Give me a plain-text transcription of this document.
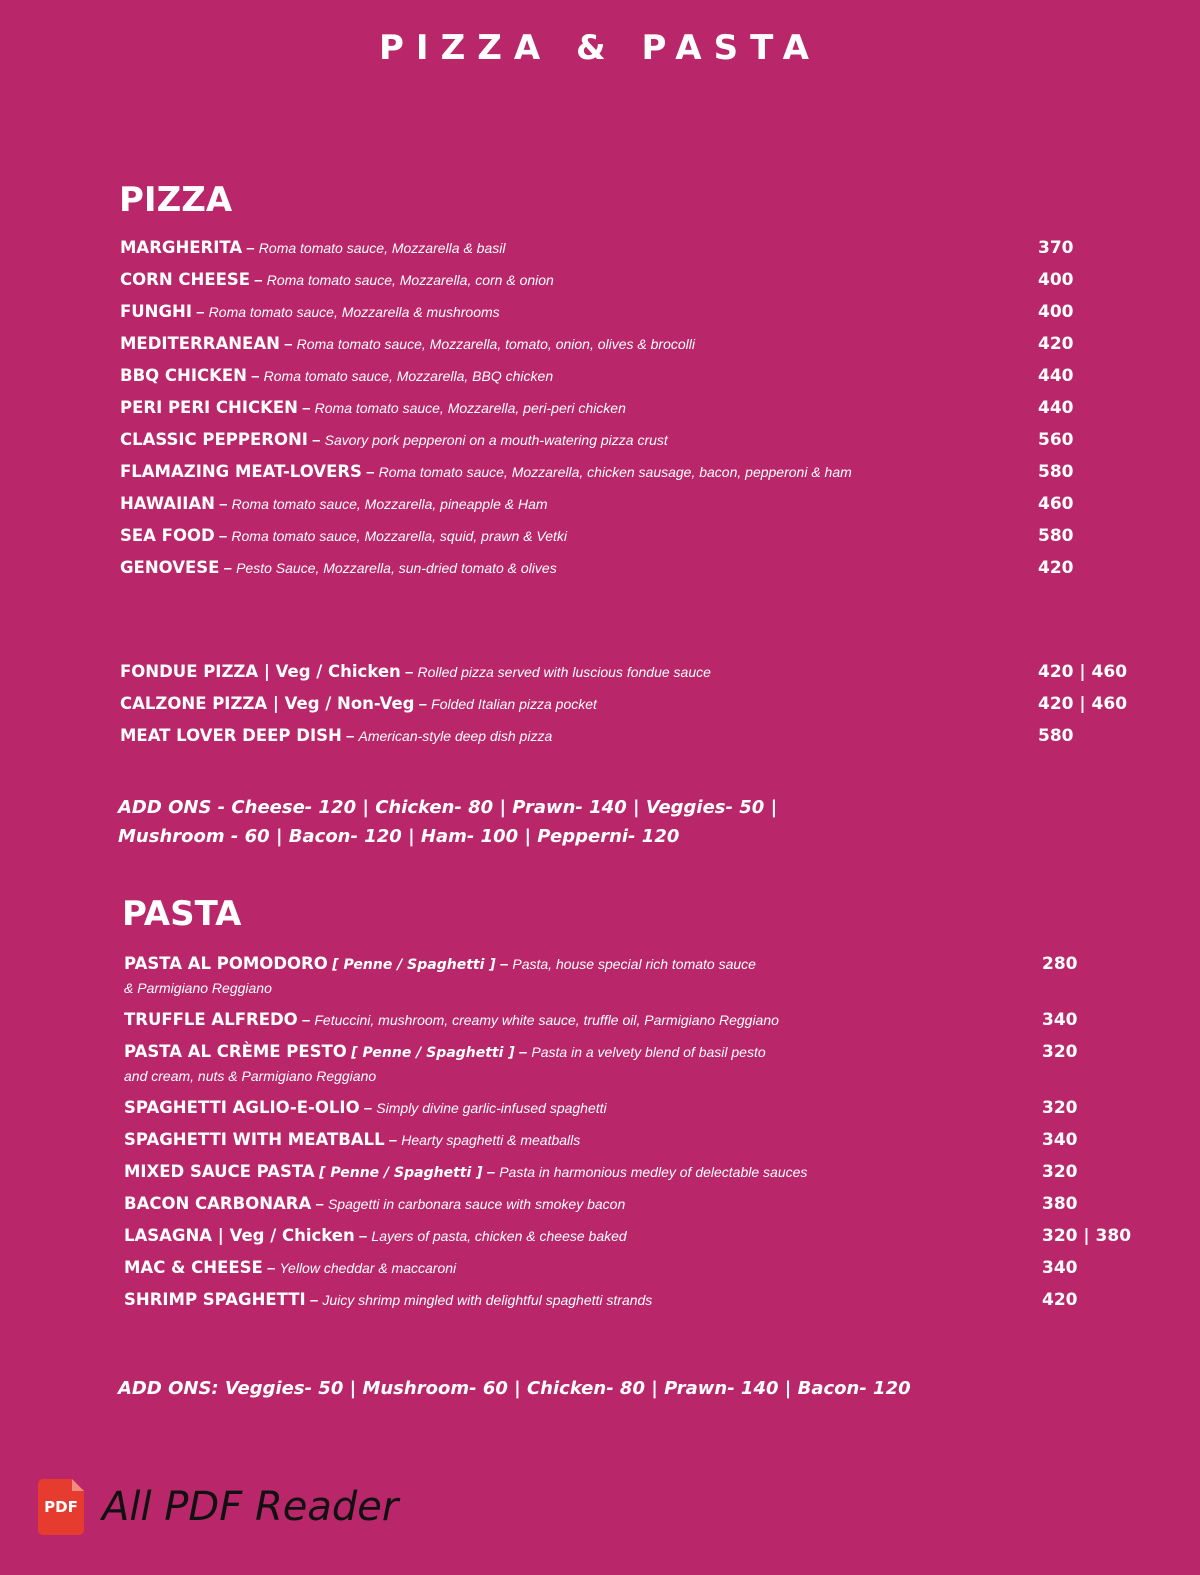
PIZZA & PASTA
PIZZA
MARGHERITA – Roma tomato sauce, Mozzarella & basil	370
CORN CHEESE – Roma tomato sauce, Mozzarella, corn & onion	400
FUNGHI – Roma tomato sauce, Mozzarella & mushrooms	400
MEDITERRANEAN – Roma tomato sauce, Mozzarella, tomato, onion, olives & brocolli	420
BBQ CHICKEN – Roma tomato sauce, Mozzarella, BBQ chicken	440
PERI PERI CHICKEN – Roma tomato sauce, Mozzarella, peri-peri chicken	440
CLASSIC PEPPERONI – Savory pork pepperoni on a mouth-watering pizza crust	560
FLAMAZING MEAT-LOVERS – Roma tomato sauce, Mozzarella, chicken sausage, bacon, pepperoni & ham	580
HAWAIIAN – Roma tomato sauce, Mozzarella, pineapple & Ham	460
SEA FOOD – Roma tomato sauce, Mozzarella, squid, prawn & Vetki	580
GENOVESE – Pesto Sauce, Mozzarella, sun-dried tomato & olives	420
FONDUE PIZZA | Veg / Chicken – Rolled pizza served with luscious fondue sauce	420 | 460
CALZONE PIZZA | Veg / Non-Veg – Folded Italian pizza pocket	420 | 460
MEAT LOVER DEEP DISH – American-style deep dish pizza	580
ADD ONS - Cheese- 120 | Chicken- 80 | Prawn- 140 | Veggies- 50 |
Mushroom - 60 | Bacon- 120 | Ham- 100 | Pepperni- 120
PASTA
PASTA AL POMODORO [ Penne / Spaghetti ] – Pasta, house special rich tomato sauce
& Parmigiano Reggiano
280
TRUFFLE ALFREDO – Fetuccini, mushroom, creamy white sauce, truffle oil, Parmigiano Reggiano	340
PASTA AL CRÈME PESTO [ Penne / Spaghetti ] – Pasta in a velvety blend of basil pesto
and cream, nuts & Parmigiano Reggiano
320
SPAGHETTI AGLIO-E-OLIO – Simply divine garlic-infused spaghetti	320
SPAGHETTI WITH MEATBALL – Hearty spaghetti & meatballs	340
MIXED SAUCE PASTA [ Penne / Spaghetti ] – Pasta in harmonious medley of delectable sauces	320
BACON CARBONARA – Spagetti in carbonara sauce with smokey bacon	380
LASAGNA | Veg / Chicken – Layers of pasta, chicken & cheese baked	320 | 380
MAC & CHEESE – Yellow cheddar & maccaroni	340
SHRIMP SPAGHETTI – Juicy shrimp mingled with delightful spaghetti strands	420
ADD ONS: Veggies- 50 | Mushroom- 60 | Chicken- 80 | Prawn- 140 | Bacon- 120
PDF All PDF Reader
